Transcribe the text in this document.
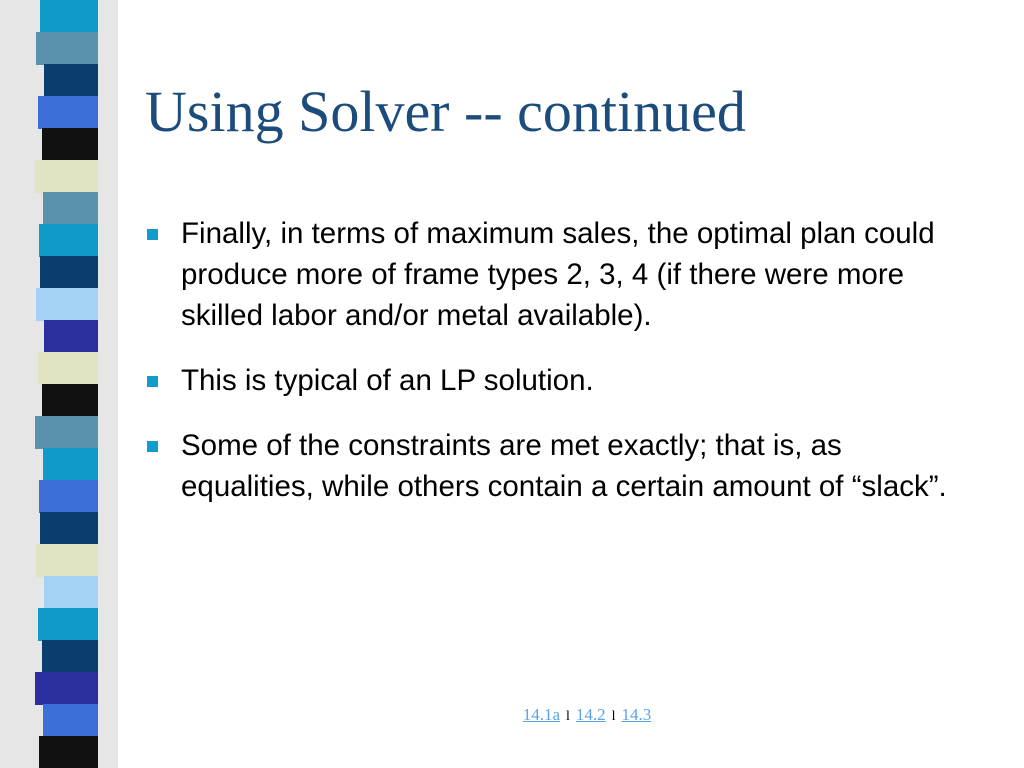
Using Solver -- continued
Finally, in terms of maximum sales, the optimal plan could produce more of frame types 2, 3, 4 (if there were more skilled labor and/or metal available).
This is typical of an LP solution.
Some of the constraints are met exactly; that is, as equalities, while others contain a certain amount of “slack”.
14.1a l 14.2 l 14.3
